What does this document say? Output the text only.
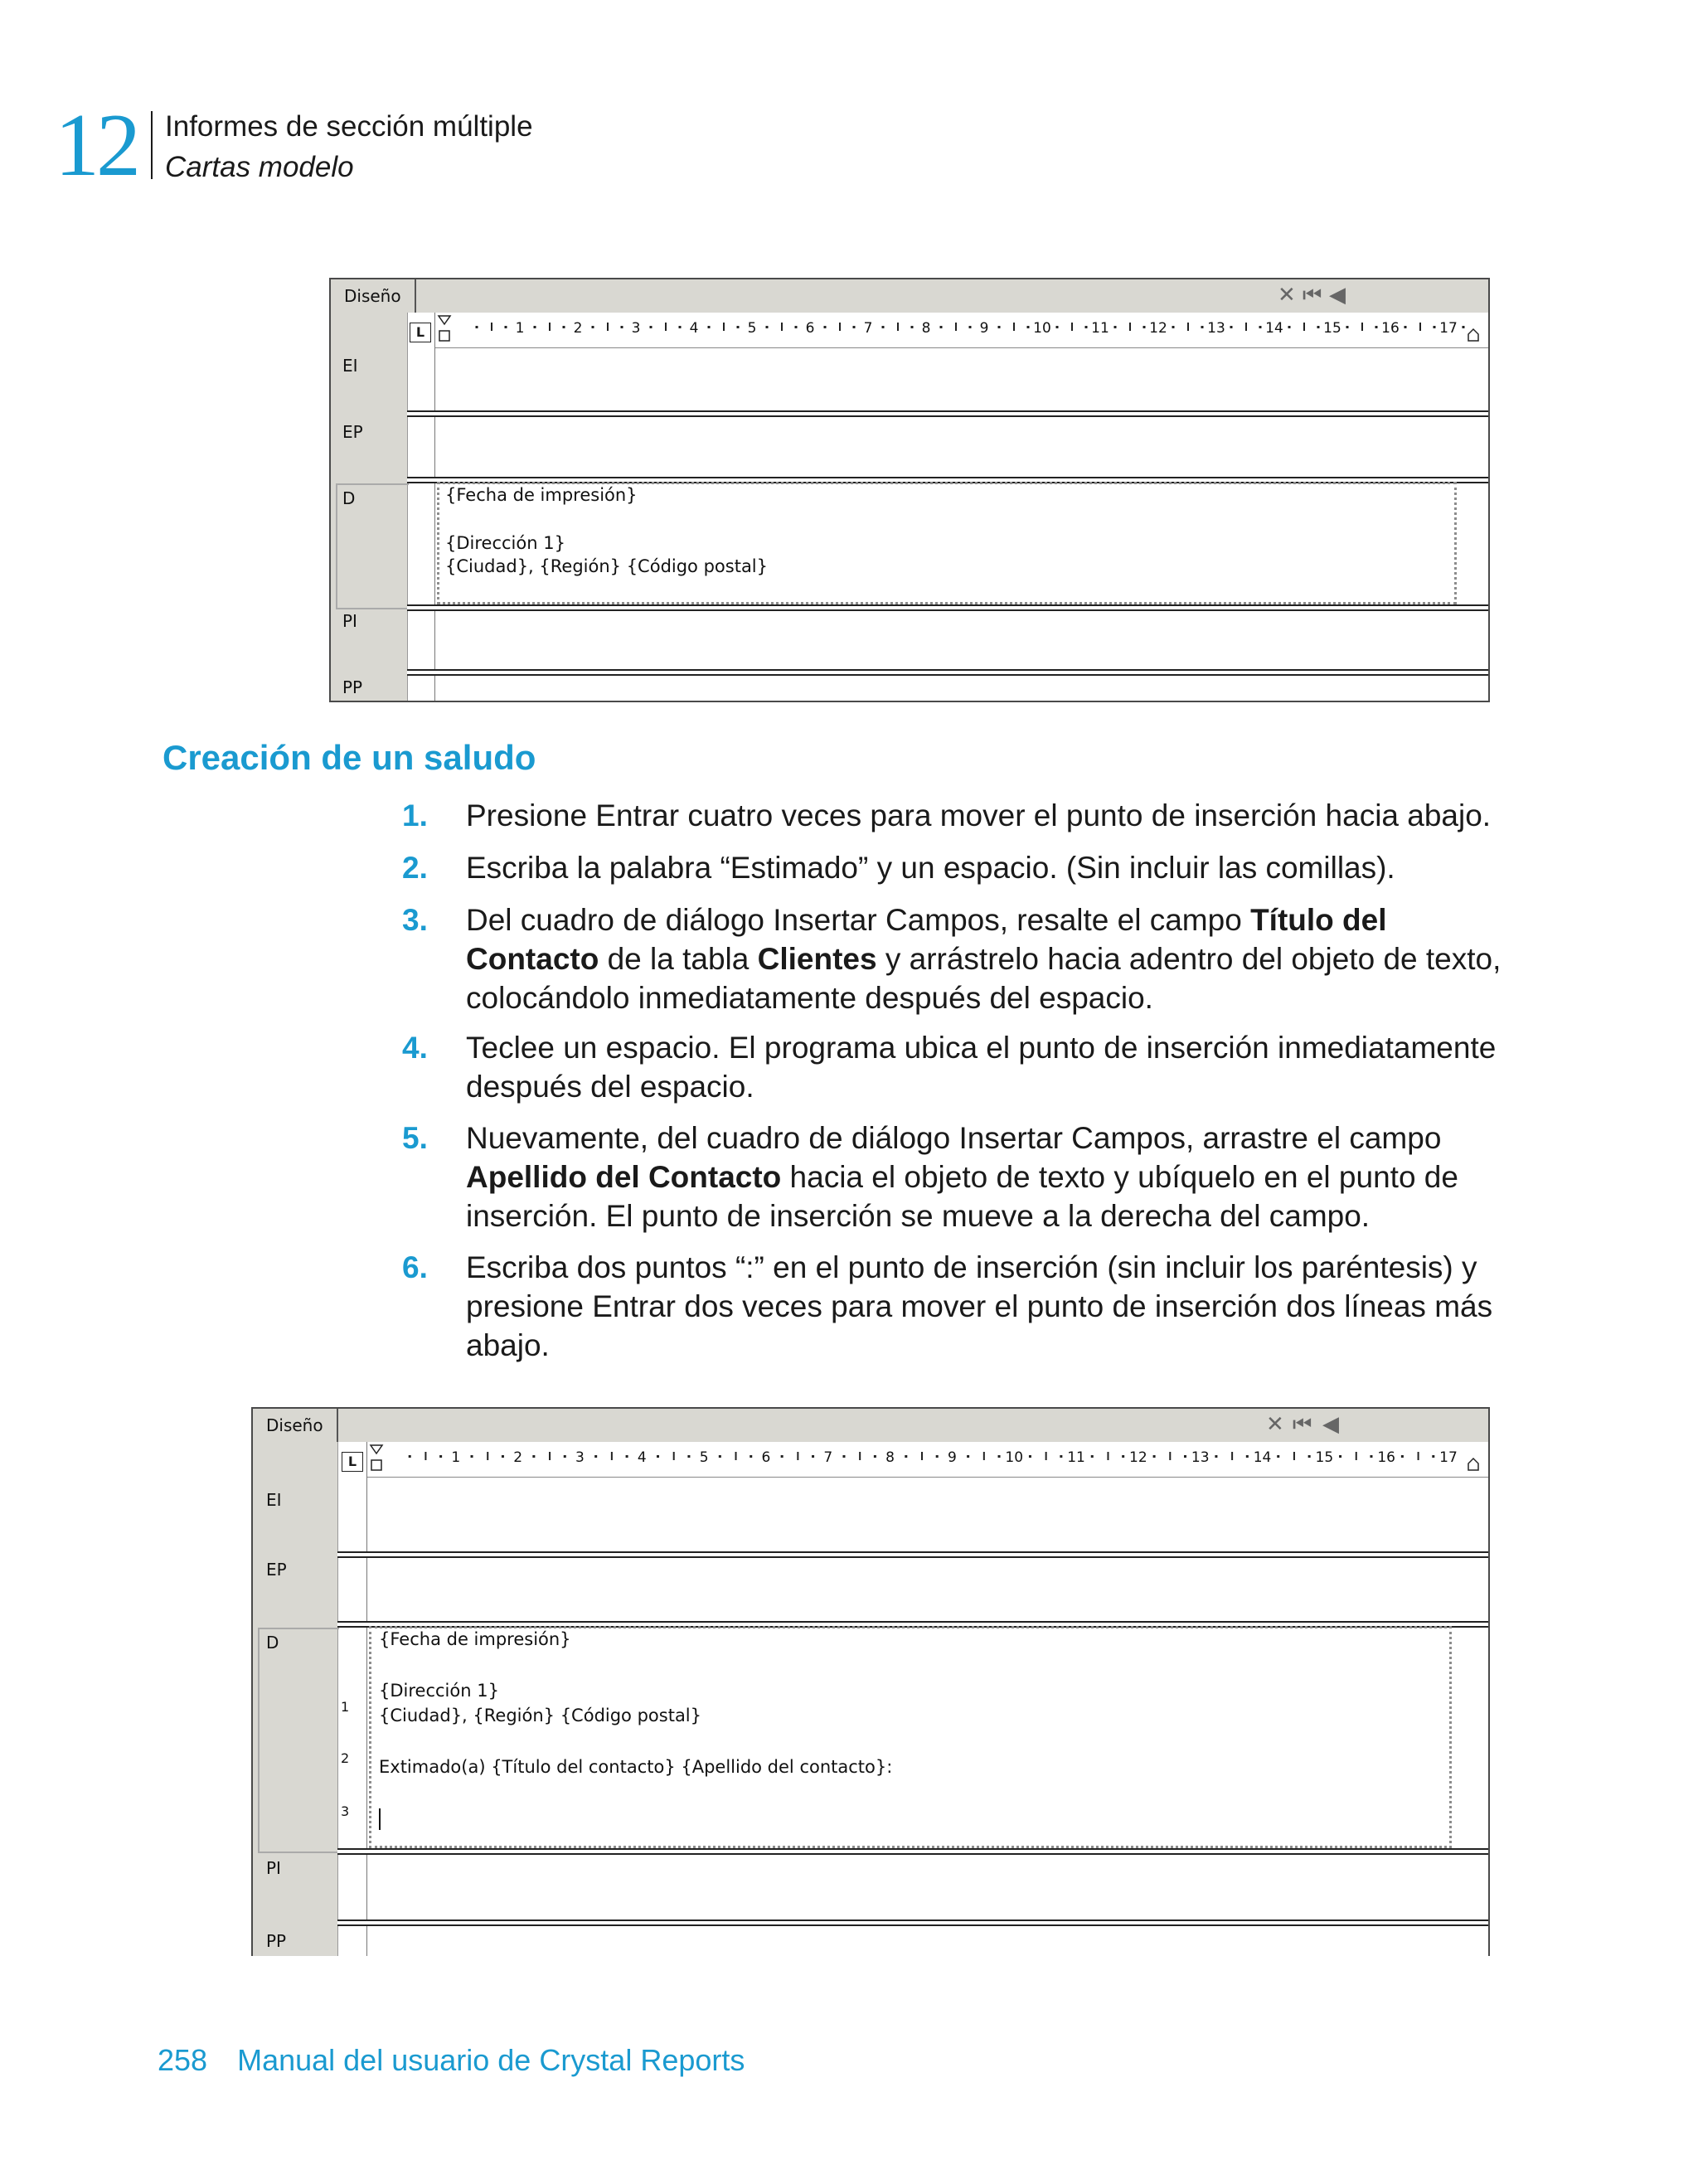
12 Informes de sección múltiple
Cartas modelo
Diseño	✕ ⏮ ◀
L	1	2	3	4	5	6	7	8	9	10	11	12	13	14	15	16	17
EI
EP
D	{Fecha de impresión}
{Dirección 1}
{Ciudad}, {Región} {Código postal}
PI
PP
Creación de un saludo
1. Presione Entrar cuatro veces para mover el punto de inserción hacia abajo.
2. Escriba la palabra “Estimado” y un espacio. (Sin incluir las comillas).
3. Del cuadro de diálogo Insertar Campos, resalte el campo Título del Contacto de la tabla Clientes y arrástrelo hacia adentro del objeto de texto, colocándolo inmediatamente después del espacio.
4. Teclee un espacio. El programa ubica el punto de inserción inmediatamente después del espacio.
5. Nuevamente, del cuadro de diálogo Insertar Campos, arrastre el campo Apellido del Contacto hacia el objeto de texto y ubíquelo en el punto de inserción. El punto de inserción se mueve a la derecha del campo.
6. Escriba dos puntos “:” en el punto de inserción (sin incluir los paréntesis) y presione Entrar dos veces para mover el punto de inserción dos líneas más abajo.
Diseño	✕ ⏮ ◀
L	1	2	3	4	5	6	7	8	9	10	11	12	13	14	15	16	17
1
2
3
EI
EP
D	{Fecha de impresión}
{Dirección 1}
{Ciudad}, {Región} {Código postal}
Extimado(a) {Título del contacto} {Apellido del contacto}:
PI
PP
258 Manual del usuario de Crystal Reports
